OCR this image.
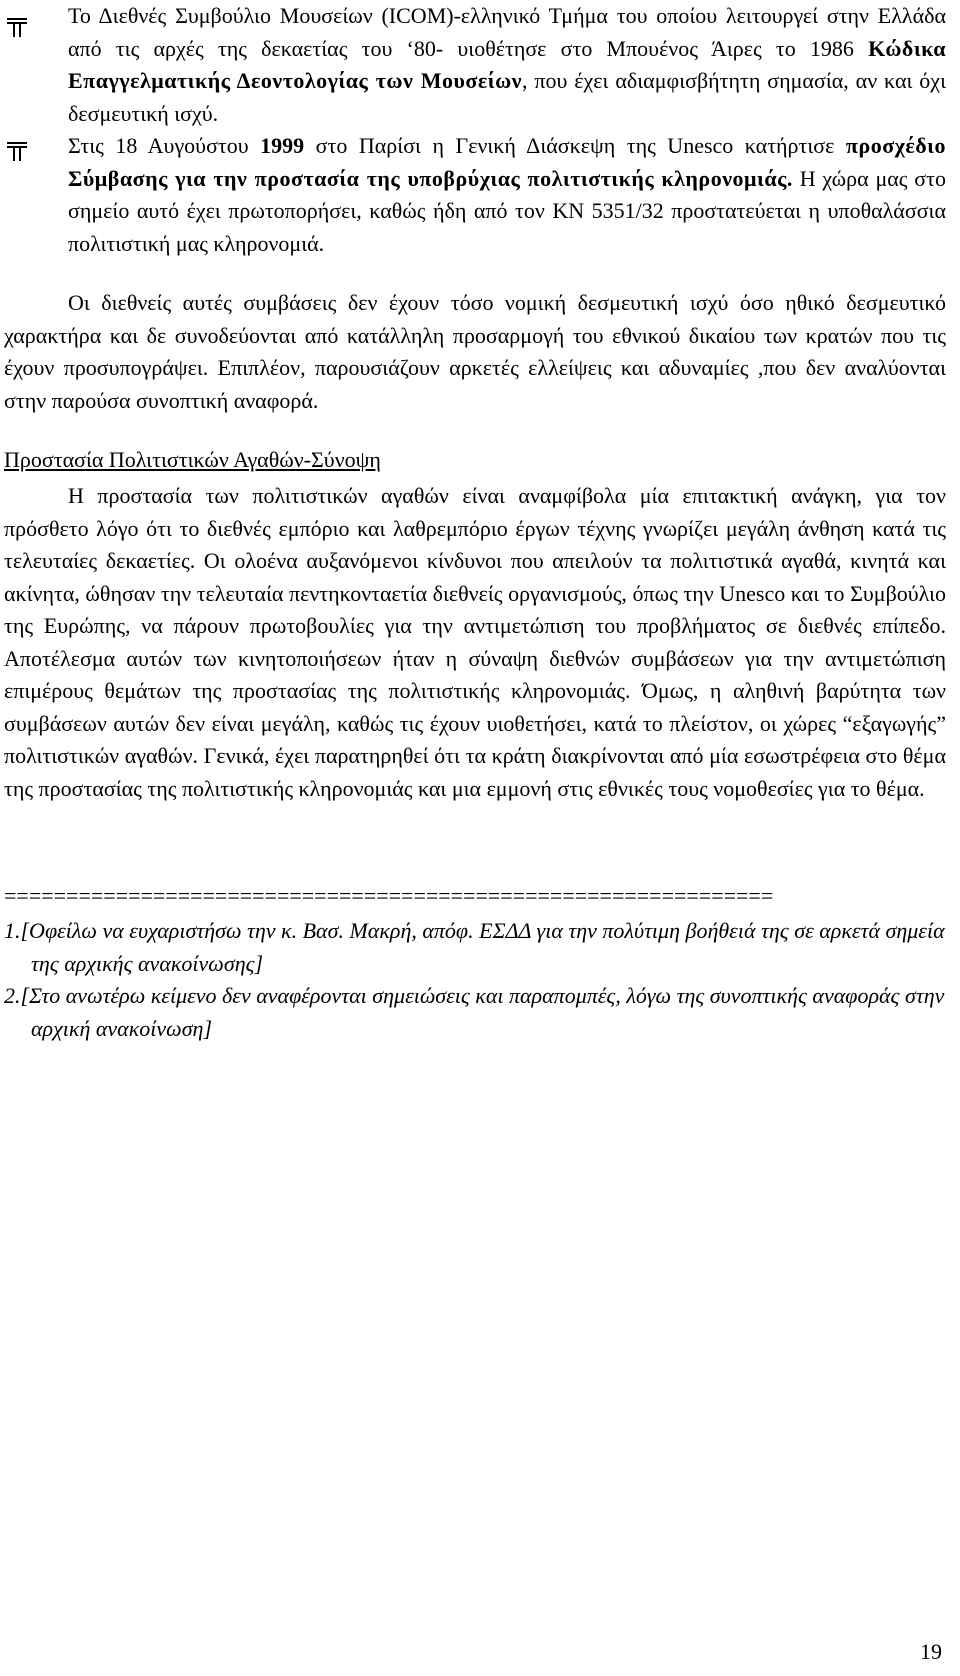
Το Διεθνές Συμβούλιο Μουσείων (ICOM)-ελληνικό Τμήμα του οποίου λειτουργεί στην Ελλάδα από τις αρχές της δεκαετίας του ‘80- υιοθέτησε στο Μπουένος Άιρες το 1986 Κώδικα Επαγγελματικής Δεοντολογίας των Μουσείων, που έχει αδιαμφισβήτητη σημασία, αν και όχι δεσμευτική ισχύ.
Στις 18 Αυγούστου 1999 στο Παρίσι η Γενική Διάσκεψη της Unesco κατήρτισε προσχέδιο Σύμβασης για την προστασία της υποβρύχιας πολιτιστικής κληρονομιάς. Η χώρα μας στο σημείο αυτό έχει πρωτοπορήσει, καθώς ήδη από τον ΚΝ 5351/32 προστατεύεται η υποθαλάσσια πολιτιστική μας κληρονομιά.
Οι διεθνείς αυτές συμβάσεις δεν έχουν τόσο νομική δεσμευτική ισχύ όσο ηθικό δεσμευτικό χαρακτήρα και δε συνοδεύονται από κατάλληλη προσαρμογή του εθνικού δικαίου των κρατών που τις έχουν προσυπογράψει. Επιπλέον, παρουσιάζουν αρκετές ελλείψεις και αδυναμίες ,που δεν αναλύονται στην παρούσα συνοπτική αναφορά.
Προστασία Πολιτιστικών Αγαθών-Σύνοψη
Η προστασία των πολιτιστικών αγαθών είναι αναμφίβολα μία επιτακτική ανάγκη, για τον πρόσθετο λόγο ότι το διεθνές εμπόριο και λαθρεμπόριο έργων τέχνης γνωρίζει μεγάλη άνθηση κατά τις τελευταίες δεκαετίες. Οι ολοένα αυξανόμενοι κίνδυνοι που απειλούν τα πολιτιστικά αγαθά, κινητά και ακίνητα, ώθησαν την τελευταία πεντηκονταετία διεθνείς οργανισμούς, όπως την Unesco και το Συμβούλιο της Ευρώπης, να πάρουν πρωτοβουλίες για την αντιμετώπιση του προβλήματος σε διεθνές επίπεδο. Αποτέλεσμα αυτών των κινητοποιήσεων ήταν η σύναψη διεθνών συμβάσεων για την αντιμετώπιση επιμέρους θεμάτων της προστασίας της πολιτιστικής κληρονομιάς. Όμως, η αληθινή βαρύτητα των συμβάσεων αυτών δεν είναι μεγάλη, καθώς τις έχουν υιοθετήσει, κατά το πλείστον, οι χώρες “εξαγωγής” πολιτιστικών αγαθών. Γενικά, έχει παρατηρηθεί ότι τα κράτη διακρίνονται από μία εσωστρέφεια στο θέμα της προστασίας της πολιτιστικής κληρονομιάς και μια εμμονή στις εθνικές τους νομοθεσίες για το θέμα.
==============================================================
1.[Οφείλω να ευχαριστήσω την κ. Βασ. Μακρή, απόφ. ΕΣΔΔ για την πολύτιμη βοήθειά της σε αρκετά σημεία της αρχικής ανακοίνωσης]
2.[Στο ανωτέρω κείμενο δεν αναφέρονται σημειώσεις και παραπομπές, λόγω της συνοπτικής αναφοράς στην αρχική ανακοίνωση]
19
